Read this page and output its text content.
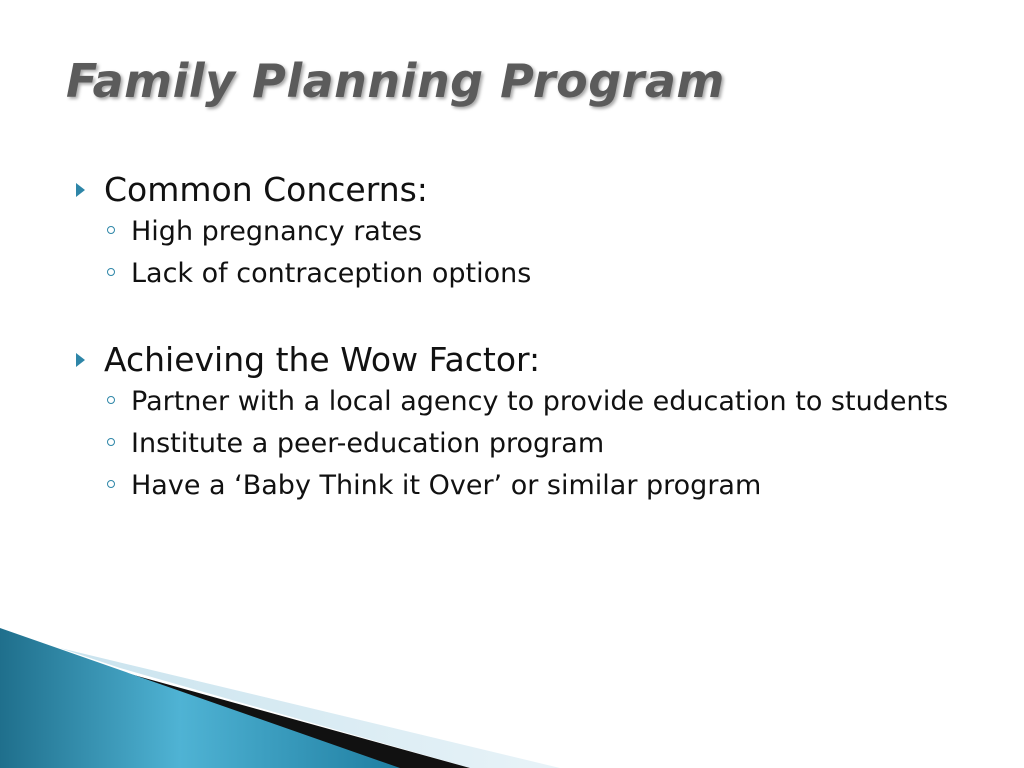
Family Planning Program
Common Concerns:
High pregnancy rates
Lack of contraception options
Achieving the Wow Factor:
Partner with a local agency to provide education to students
Institute a peer-education program
Have a ‘Baby Think it Over’ or similar program
